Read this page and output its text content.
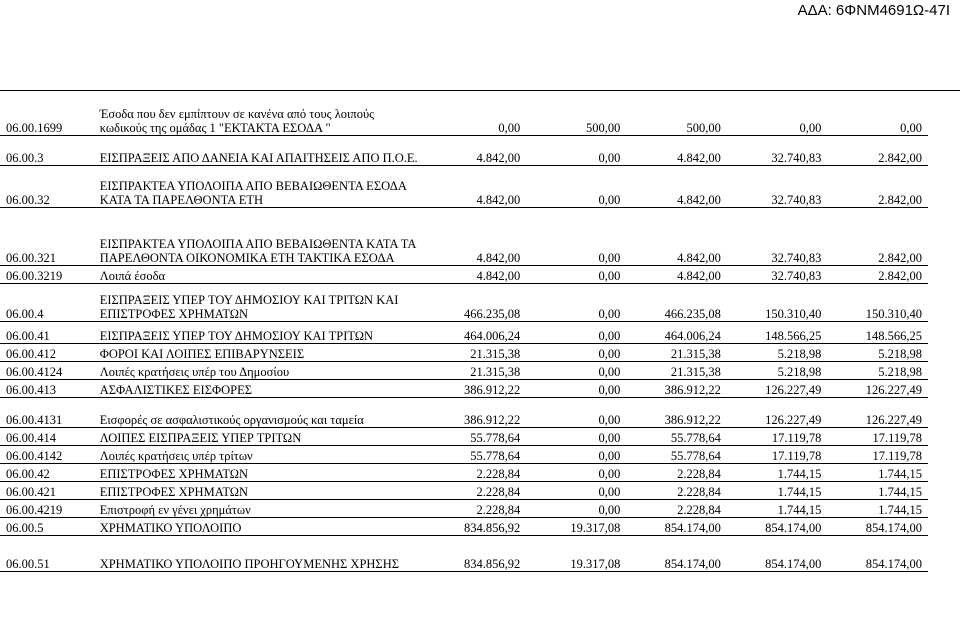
ΑΔΑ: 6ΦΝΜ4691Ω-47Ι
06.00.1699	Έσοδα που δεν εμπίπτουν σε κανένα από τους λοιπούς κωδικούς της ομάδας 1 "ΕΚΤΑΚΤΑ ΕΣΟΔΑ "	0,00	500,00	500,00	0,00	0,00
06.00.3	ΕΙΣΠΡΑΞΕΙΣ ΑΠΟ ΔΑΝΕΙΑ ΚΑΙ ΑΠΑΙΤΗΣΕΙΣ ΑΠΟ Π.Ο.Ε.	4.842,00	0,00	4.842,00	32.740,83	2.842,00
06.00.32	ΕΙΣΠΡΑΚΤΕΑ ΥΠΟΛΟΙΠΑ ΑΠΟ ΒΕΒΑΙΩΘΕΝΤΑ ΕΣΟΔΑ ΚΑΤΑ ΤΑ ΠΑΡΕΛΘΟΝΤΑ ΕΤΗ	4.842,00	0,00	4.842,00	32.740,83	2.842,00
06.00.321	ΕΙΣΠΡΑΚΤΕΑ ΥΠΟΛΟΙΠΑ ΑΠΟ ΒΕΒΑΙΩΘΕΝΤΑ ΚΑΤΑ ΤΑ ΠΑΡΕΛΘΟΝΤΑ ΟΙΚΟΝΟΜΙΚΑ ΕΤΗ ΤΑΚΤΙΚΑ ΕΣΟΔΑ	4.842,00	0,00	4.842,00	32.740,83	2.842,00
06.00.3219	Λοιπά έσοδα	4.842,00	0,00	4.842,00	32.740,83	2.842,00
06.00.4	ΕΙΣΠΡΑΞΕΙΣ ΥΠΕΡ ΤΟΥ ΔΗΜΟΣΙΟΥ ΚΑΙ ΤΡΙΤΩΝ ΚΑΙ ΕΠΙΣΤΡΟΦΕΣ ΧΡΗΜΑΤΩΝ	466.235,08	0,00	466.235,08	150.310,40	150.310,40
06.00.41	ΕΙΣΠΡΑΞΕΙΣ ΥΠΕΡ ΤΟΥ ΔΗΜΟΣΙΟΥ ΚΑΙ ΤΡΙΤΩΝ	464.006,24	0,00	464.006,24	148.566,25	148.566,25
06.00.412	ΦΟΡΟΙ ΚΑΙ ΛΟΙΠΕΣ ΕΠΙΒΑΡΥΝΣΕΙΣ	21.315,38	0,00	21.315,38	5.218,98	5.218,98
06.00.4124	Λοιπές κρατήσεις υπέρ του Δημοσίου	21.315,38	0,00	21.315,38	5.218,98	5.218,98
06.00.413	ΑΣΦΑΛΙΣΤΙΚΕΣ ΕΙΣΦΟΡΕΣ	386.912,22	0,00	386.912,22	126.227,49	126.227,49
06.00.4131	Εισφορές σε ασφαλιστικούς οργανισμούς και ταμεία	386.912,22	0,00	386.912,22	126.227,49	126.227,49
06.00.414	ΛΟΙΠΕΣ ΕΙΣΠΡΑΞΕΙΣ ΥΠΕΡ ΤΡΙΤΩΝ	55.778,64	0,00	55.778,64	17.119,78	17.119,78
06.00.4142	Λοιπές κρατήσεις υπέρ τρίτων	55.778,64	0,00	55.778,64	17.119,78	17.119,78
06.00.42	ΕΠΙΣΤΡΟΦΕΣ ΧΡΗΜΑΤΩΝ	2.228,84	0,00	2.228,84	1.744,15	1.744,15
06.00.421	ΕΠΙΣΤΡΟΦΕΣ ΧΡΗΜΑΤΩΝ	2.228,84	0,00	2.228,84	1.744,15	1.744,15
06.00.4219	Επιστροφή εν γένει χρημάτων	2.228,84	0,00	2.228,84	1.744,15	1.744,15
06.00.5	ΧΡΗΜΑΤΙΚΟ ΥΠΟΛΟΙΠΟ	834.856,92	19.317,08	854.174,00	854.174,00	854.174,00
06.00.51	ΧΡΗΜΑΤΙΚΟ ΥΠΟΛΟΙΠΟ ΠΡΟΗΓΟΥΜΕΝΗΣ ΧΡΗΣΗΣ	834.856,92	19.317,08	854.174,00	854.174,00	854.174,00
